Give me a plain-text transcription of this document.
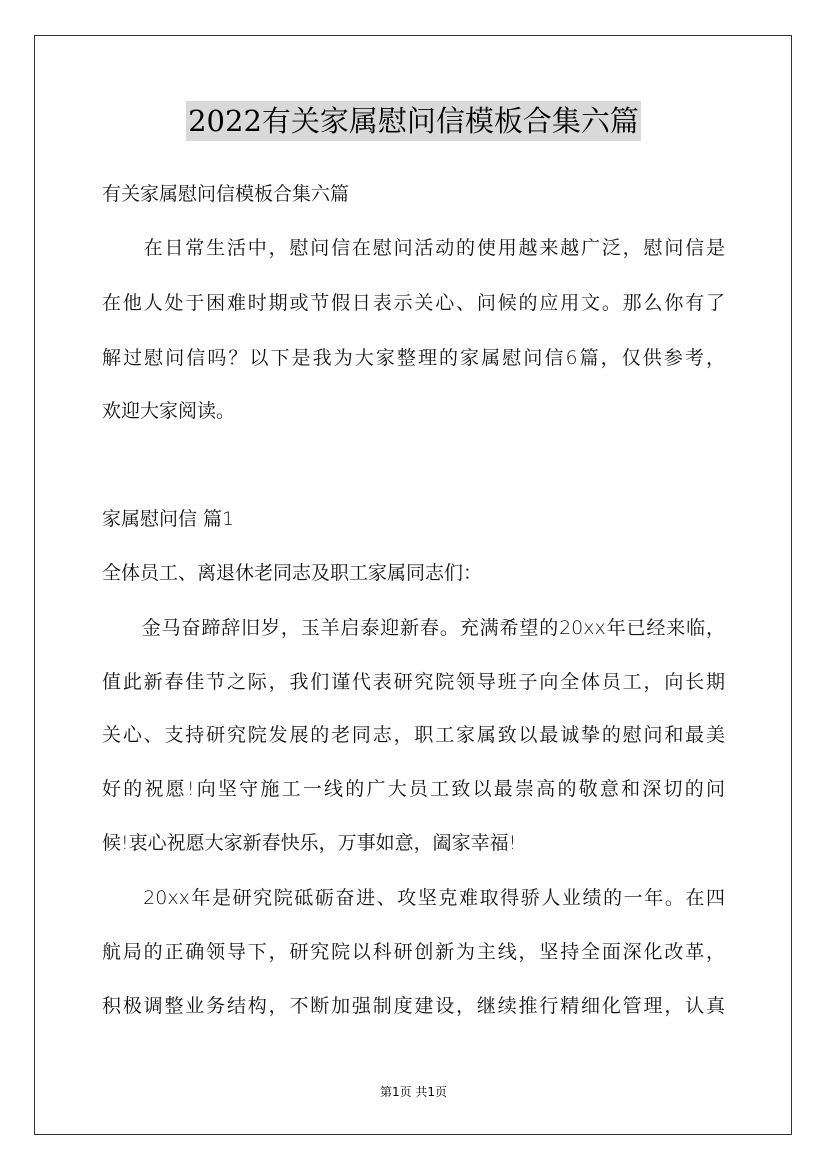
2022有关家属慰问信模板合集六篇
有关家属慰问信模板合集六篇
　　在日常生活中，慰问信在慰问活动的使用越来越广泛，慰问信是
在他人处于困难时期或节假日表示关心、问候的应用文。那么你有了
解过慰问信吗？以下是我为大家整理的家属慰问信6篇，仅供参考，
欢迎大家阅读。
家属慰问信 篇1
全体员工、离退休老同志及职工家属同志们：
　　金马奋蹄辞旧岁，玉羊启泰迎新春。充满希望的20xx年已经来临，
值此新春佳节之际，我们谨代表研究院领导班子向全体员工，向长期
关心、支持研究院发展的老同志，职工家属致以最诚挚的慰问和最美
好的祝愿!向坚守施工一线的广大员工致以最崇高的敬意和深切的问
候!衷心祝愿大家新春快乐，万事如意，阖家幸福!
　　20xx年是研究院砥砺奋进、攻坚克难取得骄人业绩的一年。在四
航局的正确领导下，研究院以科研创新为主线，坚持全面深化改革，
积极调整业务结构，不断加强制度建设，继续推行精细化管理，认真
第1页 共1页
